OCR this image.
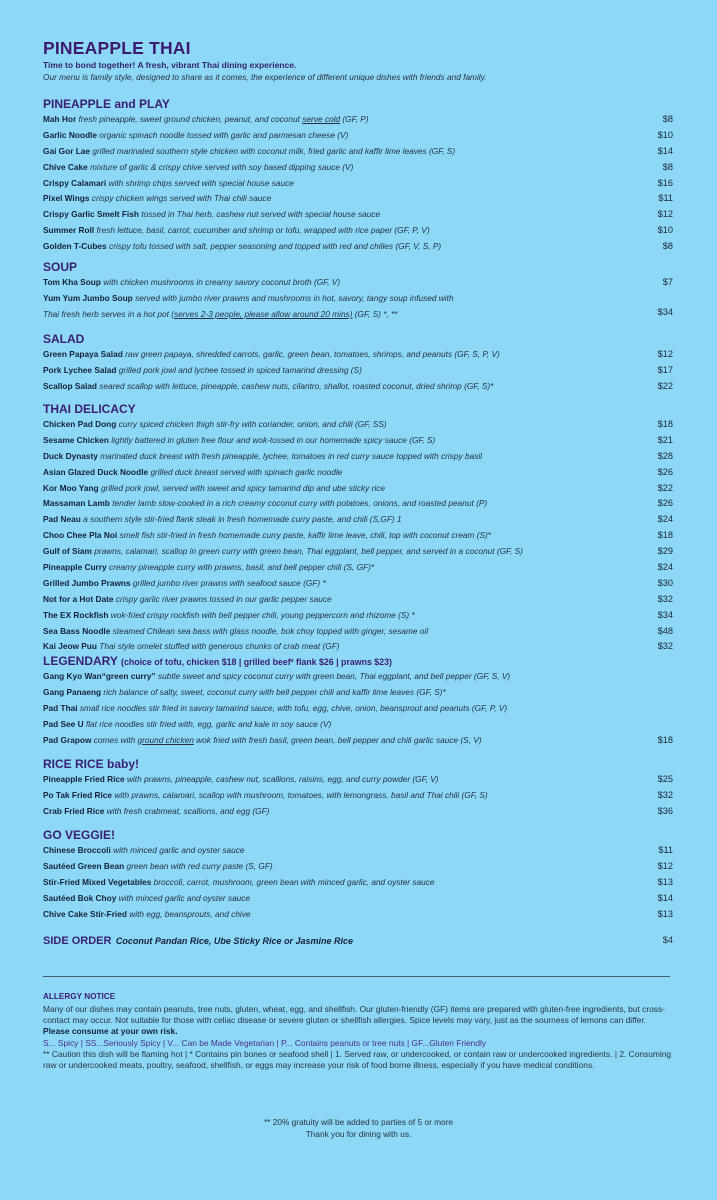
PINEAPPLE THAI
Time to bond together! A fresh, vibrant Thai dining experience.
Our menu is family style, designed to share as it comes, the experience of different unique dishes with friends and family.
PINEAPPLE and PLAY
Mah Hor fresh pineapple, sweet ground chicken, peanut, and coconut serve cold (GF, P)	$8
Garlic Noodle organic spinach noodle tossed with garlic and parmesan cheese (V)	$10
Gai Gor Lae grilled marinated southern style chicken with coconut milk, fried garlic and kaffir lime leaves (GF, S)	$14
Chive Cake mixture of garlic & crispy chive served with soy based dipping sauce (V)	$8
Crispy Calamari with shrimp chips served with special house sauce	$16
Pixel Wings crispy chicken wings served with Thai chili sauce	$11
Crispy Garlic Smelt Fish tossed in Thai herb, cashew nut served with special house sauce	$12
Summer Roll fresh lettuce, basil, carrot, cucumber and shrimp or tofu, wrapped with rice paper (GF, P, V)	$10
Golden T-Cubes crispy tofu tossed with salt, pepper seasoning and topped with red and chilies (GF, V, S, P)	$8
SOUP
Tom Kha Soup with chicken mushrooms in creamy savory coconut broth (GF, V)	$7
Yum Yum Jumbo Soup served with jumbo river prawns and mushrooms in hot, savory, tangy soup infused with
Thai fresh herb serves in a hot pot (serves 2-3 people, please allow around 20 mins) (GF, S) *, **	$34
SALAD
Green Papaya Salad raw green papaya, shredded carrots, garlic, green bean, tomatoes, shrimps, and peanuts (GF, S, P, V)	$12
Pork Lychee Salad grilled pork jowl and lychee tossed in spiced tamarind dressing (S)	$17
Scallop Salad seared scallop with lettuce, pineapple, cashew nuts, cilantro, shallot, roasted coconut, dried shrimp (GF, S)*	$22
THAI DELICACY
Chicken Pad Dong curry spiced chicken thigh stir-fry with coriander, onion, and chili (GF, SS)	$18
Sesame Chicken lightly battered in gluten free flour and wok-tossed in our homemade spicy sauce (GF, S)	$21
Duck Dynasty marinated duck breast with fresh pineapple, lychee, tomatoes in red curry sauce topped with crispy basil	$28
Asian Glazed Duck Noodle grilled duck breast served with spinach garlic noodle	$26
Kor Moo Yang grilled pork jowl, served with sweet and spicy tamarind dip and ube sticky rice	$22
Massaman Lamb tender lamb slow-cooked in a rich creamy coconut curry with potatoes, onions, and roasted peanut (P)	$26
Pad Neau a southern style stir-fried flank steak in fresh homemade curry paste, and chili (S,GF) 1	$24
Choo Chee Pla Noi smelt fish stir-fried in fresh homemade curry paste, kaffir lime leave, chili, top with coconut cream (S)*	$18
Gulf of Siam prawns, calamari, scallop in green curry with green bean, Thai eggplant, bell pepper, and served in a coconut (GF, S)	$29
Pineapple Curry creamy pineapple curry with prawns, basil, and bell pepper chili (S, GF)*	$24
Grilled Jumbo Prawns grilled jumbo river prawns with seafood sauce (GF) *	$30
Not for a Hot Date crispy garlic river prawns tossed in our garlic pepper sauce	$32
The EX Rockfish wok-fried crispy rockfish with bell pepper chili, young peppercorn and rhizome (S) *	$34
Sea Bass Noodle steamed Chilean sea bass with glass noodle, bok choy topped with ginger, sesame oil	$48
Kai Jeow Puu Thai style omelet stuffed with generous chunks of crab meat (GF)	$32
LEGENDARY (choice of tofu, chicken $18 | grilled beef² flank $26 | prawns $23)
Gang Kyo Wan“green curry” subtle sweet and spicy coconut curry with green bean, Thai eggplant, and bell pepper (GF, S, V)
Gang Panaeng rich balance of salty, sweet, coconut curry with bell pepper chili and kaffir lime leaves (GF, S)*
Pad Thai small rice noodles stir fried in savory tamarind sauce, with tofu, egg, chive, onion, beansprout and peanuts (GF, P, V)
Pad See U flat rice noodles stir fried with, egg, garlic and kale in soy sauce (V)
Pad Grapow comes with ground chicken wok fried with fresh basil, green bean, bell pepper and chili garlic sauce (S, V)	$18
RICE RICE baby!
Pineapple Fried Rice with prawns, pineapple, cashew nut, scallions, raisins, egg, and curry powder (GF, V)	$25
Po Tak Fried Rice with prawns, calamari, scallop with mushroom, tomatoes, with lemongrass, basil and Thai chili (GF, S)	$32
Crab Fried Rice with fresh crabmeat, scallions, and egg (GF)	$36
GO VEGGIE!
Chinese Broccoli with minced garlic and oyster sauce	$11
Sautéed Green Bean green bean with red curry paste (S, GF)	$12
Stir-Fried Mixed Vegetables broccoli, carrot, mushroom, green bean with minced garlic, and oyster sauce	$13
Sautéed Bok Choy with minced garlic and oyster sauce	$14
Chive Cake Stir-Fried with egg, beansprouts, and chive	$13
SIDE ORDER Coconut Pandan Rice, Ube Sticky Rice or Jasmine Rice	$4
ALLERGY NOTICE
Many of our dishes may contain peanuts, tree nuts, gluten, wheat, egg, and shellfish. Our gluten-friendly (GF) items are prepared with gluten-free ingredients, but cross-contact may occur. Not suitable for those with celiac disease or severe gluten or shellfish allergies. Spice levels may vary, just as the sourness of lemons can differ. Please consume at your own risk.
S... Spicy | SS...Seriously Spicy | V... Can be Made Vegetarian | P... Contains peanuts or tree nuts | GF...Gluten Friendly
** Caution this dish will be flaming hot | * Contains pin bones or seafood shell | 1. Served raw, or undercooked, or contain raw or undercooked ingredients. | 2. Consuming raw or undercooked meats, poultry, seafood, shellfish, or eggs may increase your risk of food borne illness, especially if you have medical conditions.
** 20% gratuity will be added to parties of 5 or more
Thank you for dining with us.
